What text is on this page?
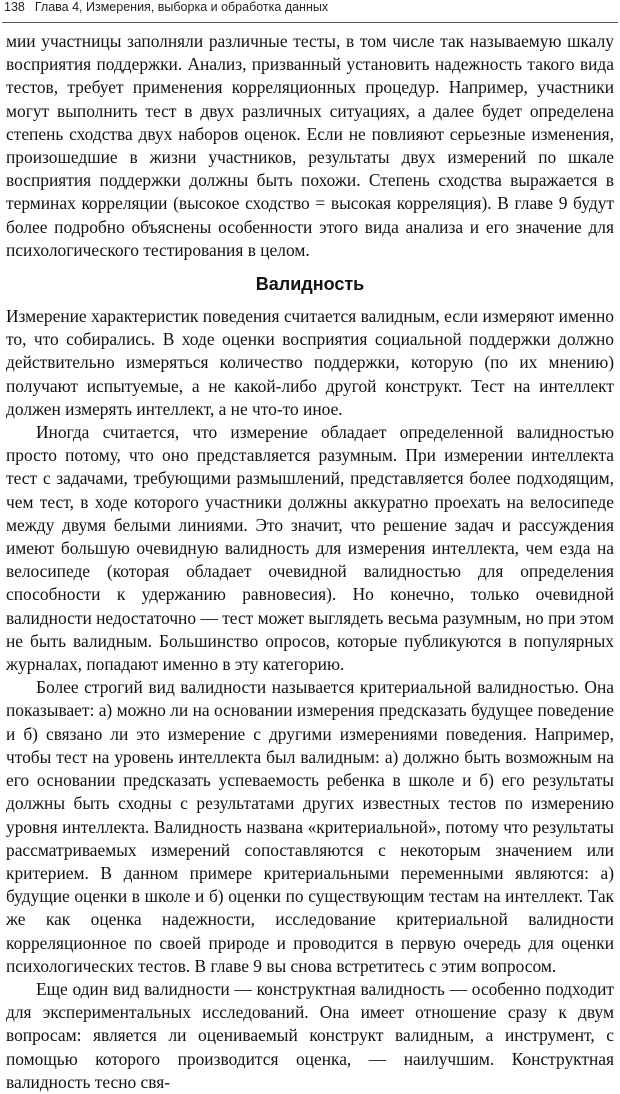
138 Глава 4, Измерения, выборка и обработка данных

мии участницы заполняли различные тесты, в том числе так называемую шкалу восприятия поддержки. Анализ, призванный установить надежность такого вида тестов, требует применения корреляционных процедур. Например, участники могут выполнить тест в двух различных ситуациях, а далее будет определена степень сходства двух наборов оценок. Если не повлияют серьезные изменения, произошедшие в жизни участников, результаты двух измерений по шкале восприятия поддержки должны быть похожи. Степень сходства выражается в терминах корреляции (высокое сходство = высокая корреляция). В главе 9 будут более подробно объяснены особенности этого вида анализа и его значение для психологического тестирования в целом.

Валидность

Измерение характеристик поведения считается валидным, если измеряют именно то, что собирались. В ходе оценки восприятия социальной поддержки должно действительно измеряться количество поддержки, которую (по их мнению) получают испытуемые, а не какой-либо другой конструкт. Тест на интеллект должен измерять интеллект, а не что-то иное.

Иногда считается, что измерение обладает определенной валидностью просто потому, что оно представляется разумным. При измерении интеллекта тест с задачами, требующими размышлений, представляется более подходящим, чем тест, в ходе которого участники должны аккуратно проехать на велосипеде между двумя белыми линиями. Это значит, что решение задач и рассуждения имеют большую очевидную валидность для измерения интеллекта, чем езда на велосипеде (которая обладает очевидной валидностью для определения способности к удержанию равновесия). Но конечно, только очевидной валидности недостаточно — тест может выглядеть весьма разумным, но при этом не быть валидным. Большинство опросов, которые публикуются в популярных журналах, попадают именно в эту категорию.

Более строгий вид валидности называется критериальной валидностью. Она показывает: а) можно ли на основании измерения предсказать будущее поведение и б) связано ли это измерение с другими измерениями поведения. Например, чтобы тест на уровень интеллекта был валидным: а) должно быть возможным на его основании предсказать успеваемость ребенка в школе и б) его результаты должны быть сходны с результатами других известных тестов по измерению уровня интеллекта. Валидность названа «критериальной», потому что результаты рассматриваемых измерений сопоставляются с некоторым значением или критерием. В данном примере критериальными переменными являются: а) будущие оценки в школе и б) оценки по существующим тестам на интеллект. Так же как оценка надежности, исследование критериальной валидности корреляционное по своей природе и проводится в первую очередь для оценки психологических тестов. В главе 9 вы снова встретитесь с этим вопросом.

Еще один вид валидности — конструктная валидность — особенно подходит для экспериментальных исследований. Она имеет отношение сразу к двум вопросам: является ли оцениваемый конструкт валидным, а инструмент, с помощью которого производится оценка, — наилучшим. Конструктная валидность тесно свя-
